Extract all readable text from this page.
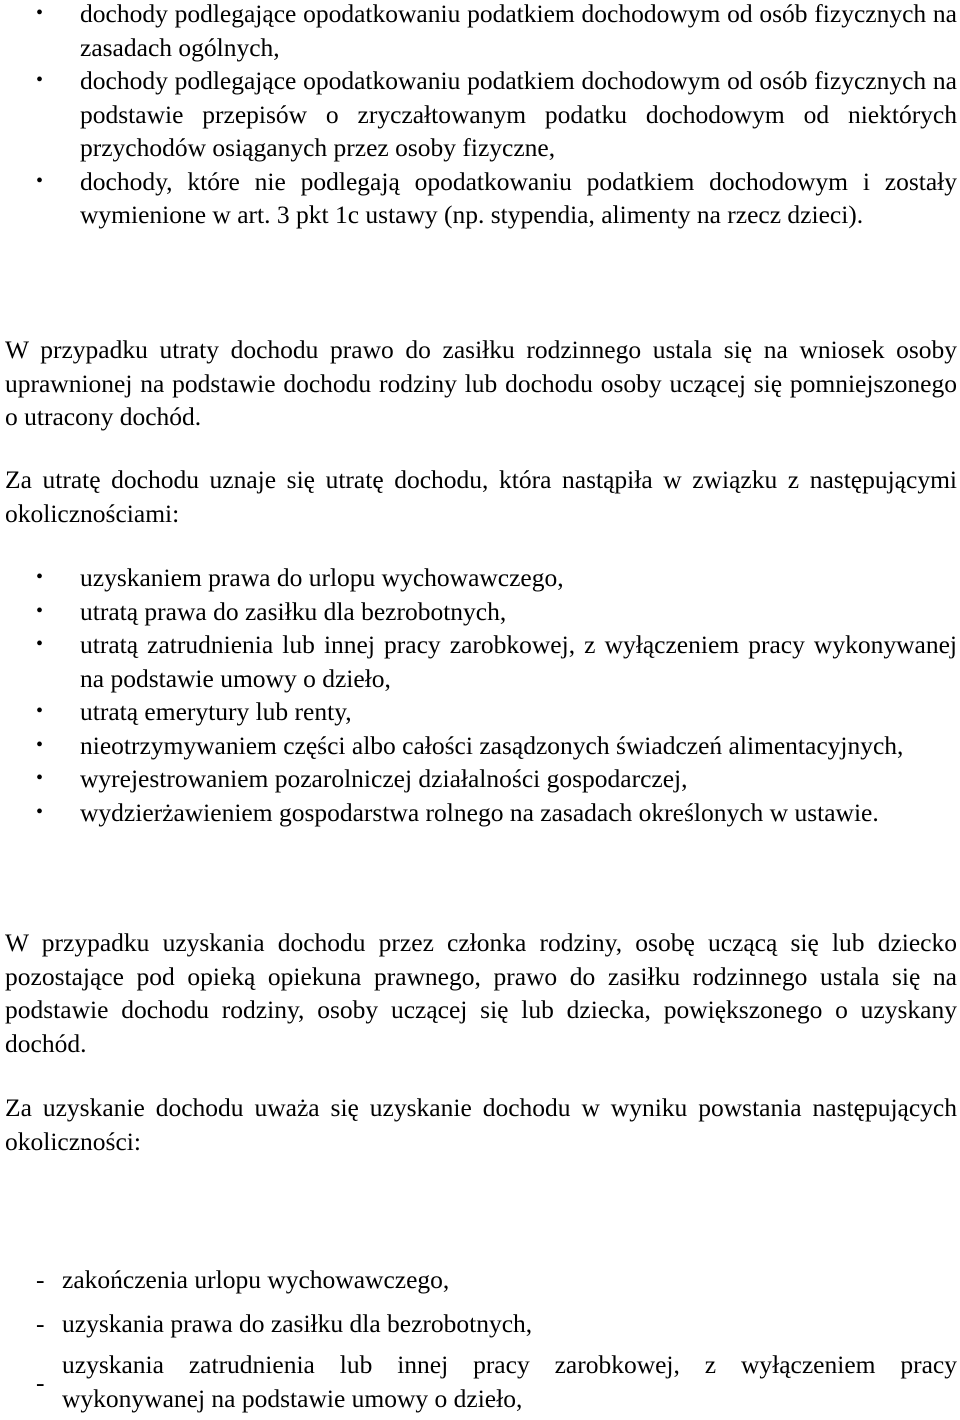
•	dochody podlegające opodatkowaniu podatkiem dochodowym od osób fizycznych na zasadach ogólnych,
•	dochody podlegające opodatkowaniu podatkiem dochodowym od osób fizycznych na podstawie przepisów o zryczałtowanym podatku dochodowym od niektórych przychodów osiąganych przez osoby fizyczne,
•	dochody, które nie podlegają opodatkowaniu podatkiem dochodowym i zostały wymienione w art. 3 pkt 1c ustawy (np. stypendia, alimenty na rzecz dzieci).

W przypadku utraty dochodu prawo do zasiłku rodzinnego ustala się na wniosek osoby uprawnionej na podstawie dochodu rodziny lub dochodu osoby uczącej się pomniejszonego o utracony dochód.

Za utratę dochodu uznaje się utratę dochodu, która nastąpiła w związku z następującymi okolicznościami:

•	uzyskaniem prawa do urlopu wychowawczego,
•	utratą prawa do zasiłku dla bezrobotnych,
•	utratą zatrudnienia lub innej pracy zarobkowej, z wyłączeniem pracy wykonywanej na podstawie umowy o dzieło,
•	utratą emerytury lub renty,
•	nieotrzymywaniem części albo całości zasądzonych świadczeń alimentacyjnych,
•	wyrejestrowaniem pozarolniczej działalności gospodarczej,
•	wydzierżawieniem gospodarstwa rolnego na zasadach określonych w ustawie.

W przypadku uzyskania dochodu przez członka rodziny, osobę uczącą się lub dziecko pozostające pod opieką opiekuna prawnego, prawo do zasiłku rodzinnego ustala się na podstawie dochodu rodziny, osoby uczącej się lub dziecka, powiększonego o uzyskany dochód.

Za uzyskanie dochodu uważa się uzyskanie dochodu w wyniku powstania następujących okoliczności:

- zakończenia urlopu wychowawczego,
- uzyskania prawa do zasiłku dla bezrobotnych,
-
uzyskania zatrudnienia lub innej pracy zarobkowej, z wyłączeniem pracy wykonywanej na podstawie umowy o dzieło,
